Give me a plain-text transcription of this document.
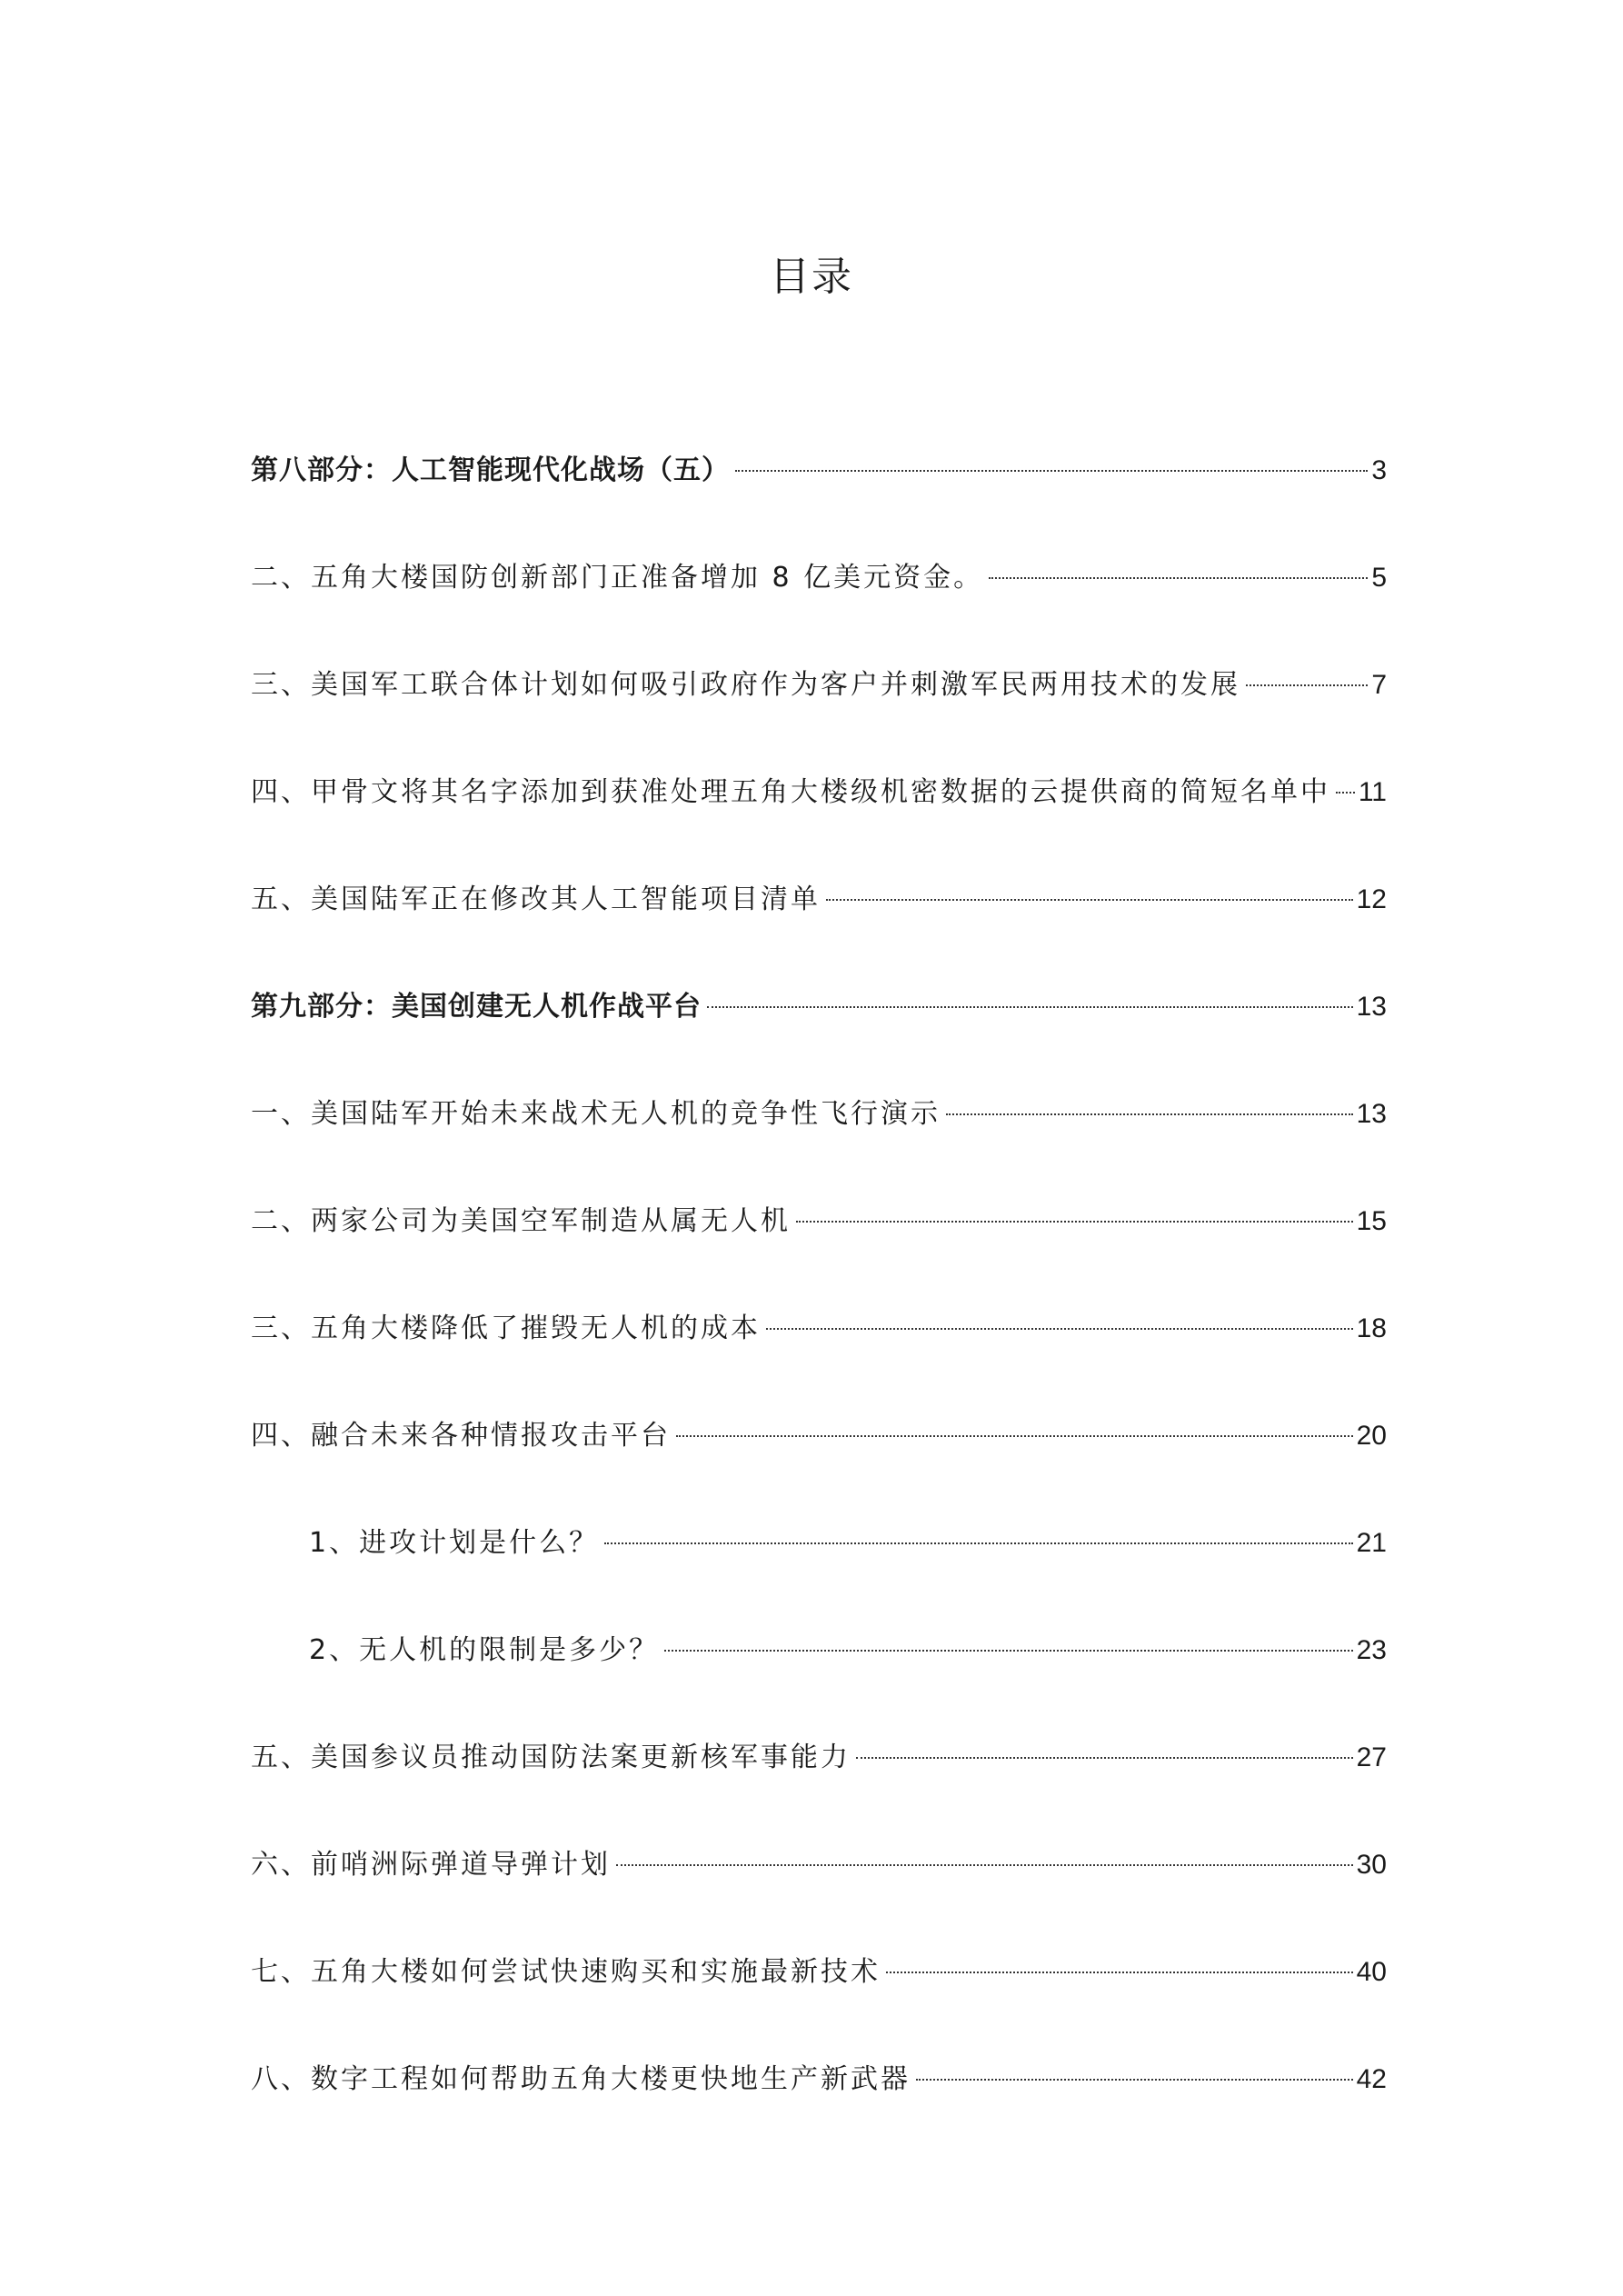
目录
第八部分：人工智能现代化战场（五）	3
二、五角大楼国防创新部门正准备增加 8 亿美元资金。	5
三、美国军工联合体计划如何吸引政府作为客户并刺激军民两用技术的发展	7
四、甲骨文将其名字添加到获准处理五角大楼级机密数据的云提供商的简短名单中 11
五、美国陆军正在修改其人工智能项目清单	12
第九部分：美国创建无人机作战平台	13
一、美国陆军开始未来战术无人机的竞争性飞行演示	13
二、两家公司为美国空军制造从属无人机	15
三、五角大楼降低了摧毁无人机的成本	18
四、融合未来各种情报攻击平台	20
1、进攻计划是什么？	21
2、无人机的限制是多少？	23
五、美国参议员推动国防法案更新核军事能力	27
六、前哨洲际弹道导弹计划	30
七、五角大楼如何尝试快速购买和实施最新技术	40
八、数字工程如何帮助五角大楼更快地生产新武器	42
